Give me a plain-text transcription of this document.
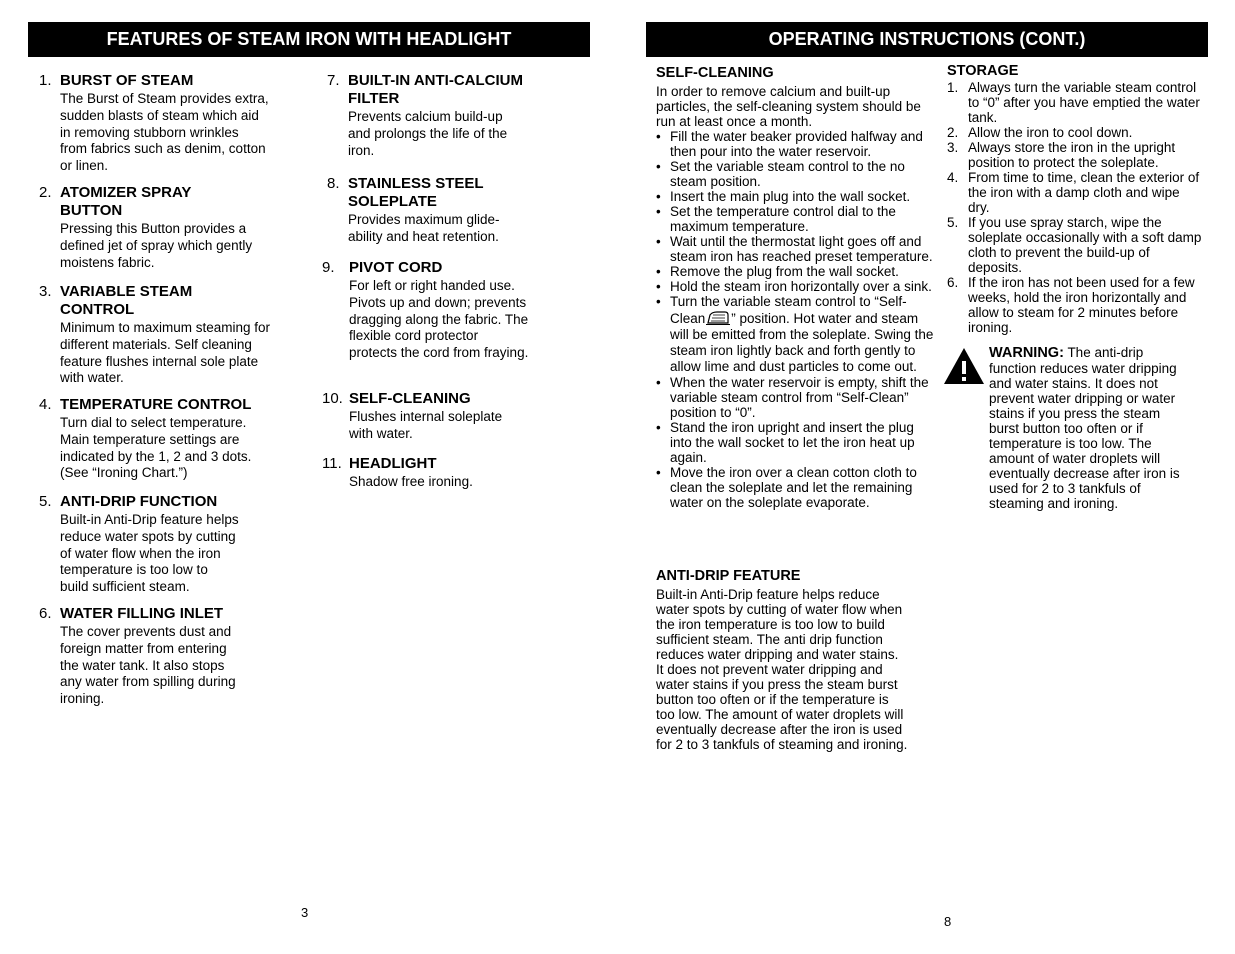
FEATURES OF STEAM IRON WITH HEADLIGHT
1. BURST OF STEAM
The Burst of Steam provides extra, sudden blasts of steam which aid in removing stubborn wrinkles from fabrics such as denim, cotton or linen.
2. ATOMIZER SPRAY BUTTON
Pressing this Button provides a defined jet of spray which gently moistens fabric.
3. VARIABLE STEAM CONTROL
Minimum to maximum steaming for different materials. Self cleaning feature flushes internal sole plate with water.
4. TEMPERATURE CONTROL
Turn dial to select temperature. Main temperature settings are indicated by the 1, 2 and 3 dots. (See “Ironing Chart.”)
5. ANTI-DRIP FUNCTION
Built-in Anti-Drip feature helps reduce water spots by cutting of water flow when the iron temperature is too low to build sufficient steam.
6. WATER FILLING INLET
The cover prevents dust and foreign matter from entering the water tank. It also stops any water from spilling during ironing.
7. BUILT-IN ANTI-CALCIUM FILTER
Prevents calcium build-up and prolongs the life of the iron.
8. STAINLESS STEEL SOLEPLATE
Provides maximum glide-ability and heat retention.
9. PIVOT CORD
For left or right handed use. Pivots up and down; prevents dragging along the fabric. The flexible cord protector protects the cord from fraying.
10. SELF-CLEANING
Flushes internal soleplate with water.
11. HEADLIGHT
Shadow free ironing.
3
OPERATING INSTRUCTIONS (CONT.)
SELF-CLEANING
In order to remove calcium and built-up particles, the self-cleaning system should be run at least once a month.
• Fill the water beaker provided halfway and then pour into the water reservoir.
• Set the variable steam control to the no steam position.
• Insert the main plug into the wall socket.
• Set the temperature control dial to the maximum temperature.
• Wait until the thermostat light goes off and steam iron has reached preset temperature.
• Remove the plug from the wall socket.
• Hold the steam iron horizontally over a sink.
• Turn the variable steam control to “Self-Clean ” position. Hot water and steam will be emitted from the soleplate. Swing the steam iron lightly back and forth gently to allow lime and dust particles to come out.
• When the water reservoir is empty, shift the variable steam control from “Self-Clean” position to “0”.
• Stand the iron upright and insert the plug into the wall socket to let the iron heat up again.
• Move the iron over a clean cotton cloth to clean the soleplate and let the remaining water on the soleplate evaporate.
ANTI-DRIP FEATURE
Built-in Anti-Drip feature helps reduce water spots by cutting of water flow when the iron temperature is too low to build sufficient steam. The anti drip function reduces water dripping and water stains. It does not prevent water dripping and water stains if you press the steam burst button too often or if the temperature is too low. The amount of water droplets will eventually decrease after the iron is used for 2 to 3 tankfuls of steaming and ironing.
STORAGE
1. Always turn the variable steam control to “0” after you have emptied the water tank.
2. Allow the iron to cool down.
3. Always store the iron in the upright position to protect the soleplate.
4. From time to time, clean the exterior of the iron with a damp cloth and wipe dry.
5. If you use spray starch, wipe the soleplate occasionally with a soft damp cloth to prevent the build-up of deposits.
6. If the iron has not been used for a few weeks, hold the iron horizontally and allow to steam for 2 minutes before ironing.
WARNING: The anti-drip function reduces water dripping and water stains. It does not prevent water dripping or water stains if you press the steam burst button too often or if temperature is too low. The amount of water droplets will eventually decrease after iron is used for 2 to 3 tankfuls of steaming and ironing.
8
